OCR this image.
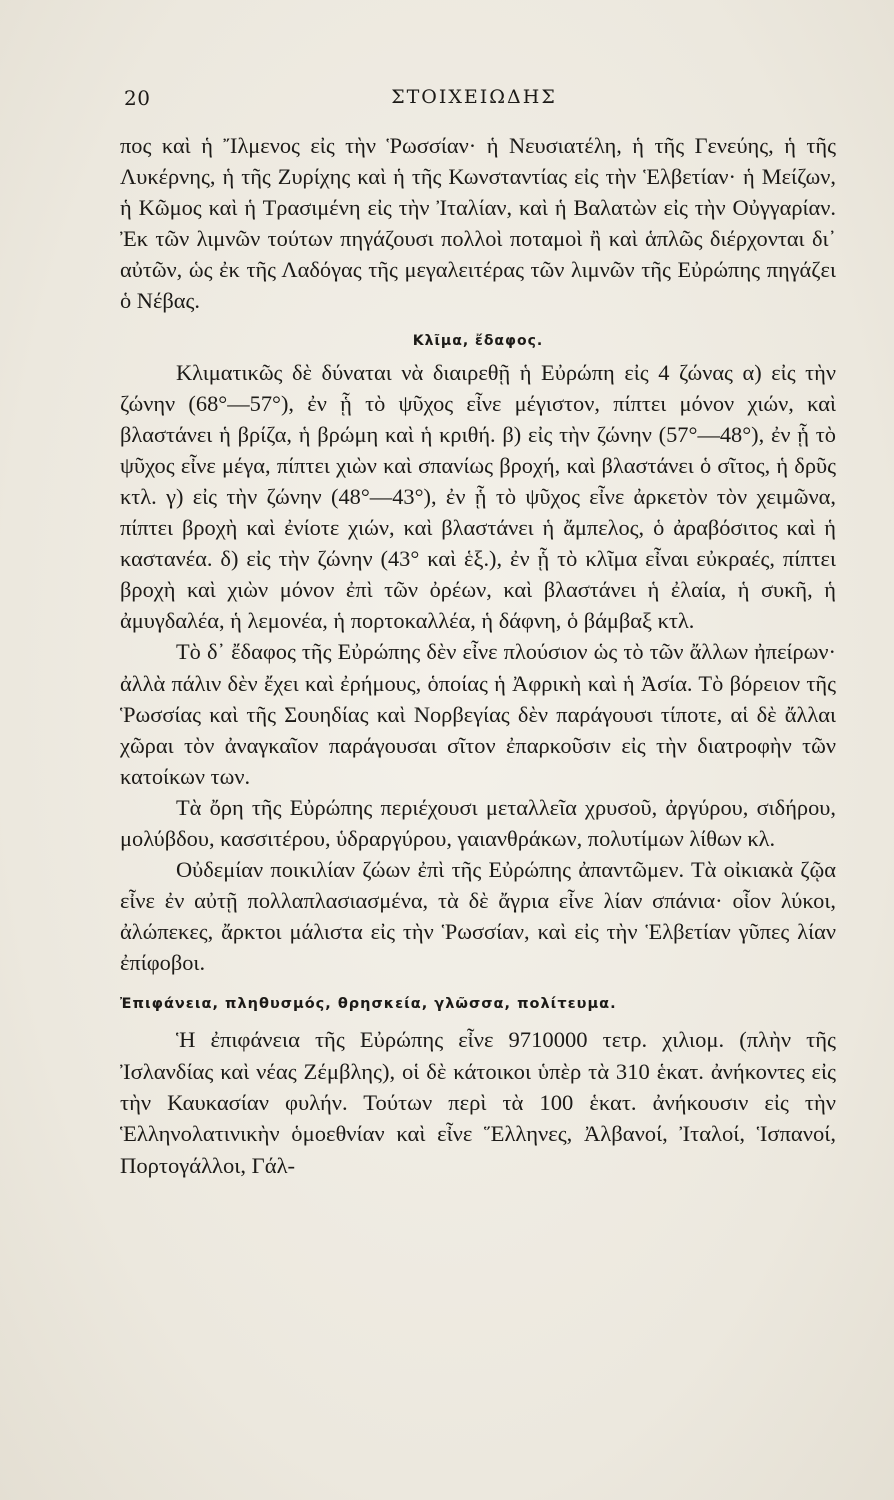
20	ΣΤΟΙΧΕΙΩΔΗΣ

πος καὶ ἡ Ἴλμενος εἰς τὴν Ῥωσσίαν· ἡ Νευσιατέλη, ἡ τῆς Γενεύης, ἡ τῆς Λυκέρνης, ἡ τῆς Ζυρίχης καὶ ἡ τῆς Κωνσταντίας εἰς τὴν Ἑλβετίαν· ἡ Μείζων, ἡ Κῶμος καὶ ἡ Τρασιμένη εἰς τὴν Ἰταλίαν, καὶ ἡ Βαλατὼν εἰς τὴν Οὐγγαρίαν. Ἐκ τῶν λιμνῶν τούτων πηγάζουσι πολλοὶ ποταμοὶ ἢ καὶ ἁπλῶς διέρχονται δι᾽ αὐτῶν, ὡς ἐκ τῆς Λαδόγας τῆς μεγαλειτέρας τῶν λιμνῶν τῆς Εὐρώπης πηγάζει ὁ Νέβας.

Κλῖμα, ἔδαφος.

Κλιματικῶς δὲ δύναται νὰ διαιρεθῇ ἡ Εὐρώπη εἰς 4 ζώνας α) εἰς τὴν ζώνην (68°—57°), ἐν ᾗ τὸ ψῦχος εἶνε μέγιστον, πίπτει μόνον χιών, καὶ βλαστάνει ἡ βρίζα, ἡ βρώμη καὶ ἡ κριθή. β) εἰς τὴν ζώνην (57°—48°), ἐν ᾗ τὸ ψῦχος εἶνε μέγα, πίπτει χιὼν καὶ σπανίως βροχή, καὶ βλαστάνει ὁ σῖτος, ἡ δρῦς κτλ. γ) εἰς τὴν ζώνην (48°—43°), ἐν ᾗ τὸ ψῦχος εἶνε ἀρκετὸν τὸν χειμῶνα, πίπτει βροχὴ καὶ ἐνίοτε χιών, καὶ βλαστάνει ἡ ἄμπελος, ὁ ἀραβόσιτος καὶ ἡ καστανέα. δ) εἰς τὴν ζώνην (43° καὶ ἑξ.), ἐν ᾗ τὸ κλῖμα εἶναι εὐκραές, πίπτει βροχὴ καὶ χιὼν μόνον ἐπὶ τῶν ὀρέων, καὶ βλαστάνει ἡ ἐλαία, ἡ συκῆ, ἡ ἀμυγδαλέα, ἡ λεμονέα, ἡ πορτοκαλλέα, ἡ δάφνη, ὁ βάμβαξ κτλ.

Τὸ δ᾽ ἔδαφος τῆς Εὐρώπης δὲν εἶνε πλούσιον ὡς τὸ τῶν ἄλλων ἠπείρων· ἀλλὰ πάλιν δὲν ἔχει καὶ ἐρήμους, ὁποίας ἡ Ἀφρικὴ καὶ ἡ Ἀσία. Τὸ βόρειον τῆς Ῥωσσίας καὶ τῆς Σουηδίας καὶ Νορβεγίας δὲν παράγουσι τίποτε, αἱ δὲ ἄλλαι χῶραι τὸν ἀναγκαῖον παράγουσαι σῖτον ἐπαρκοῦσιν εἰς τὴν διατροφὴν τῶν κατοίκων των.

Τὰ ὄρη τῆς Εὐρώπης περιέχουσι μεταλλεῖα χρυσοῦ, ἀργύρου, σιδήρου, μολύβδου, κασσιτέρου, ὑδραργύρου, γαιανθράκων, πολυτίμων λίθων κλ.

Οὐδεμίαν ποικιλίαν ζώων ἐπὶ τῆς Εὐρώπης ἀπαντῶμεν. Τὰ οἰκιακὰ ζῷα εἶνε ἐν αὐτῇ πολλαπλασιασμένα, τὰ δὲ ἄγρια εἶνε λίαν σπάνια· οἷον λύκοι, ἀλώπεκες, ἄρκτοι μάλιστα εἰς τὴν Ῥωσσίαν, καὶ εἰς τὴν Ἑλβετίαν γῦπες λίαν ἐπίφοβοι.

Ἐπιφάνεια, πληθυσμός, θρησκεία, γλῶσσα, πολίτευμα.

Ἡ ἐπιφάνεια τῆς Εὐρώπης εἶνε 9710000 τετρ. χιλιομ. (πλὴν τῆς Ἰσλανδίας καὶ νέας Ζέμβλης), οἱ δὲ κάτοικοι ὑπὲρ τὰ 310 ἑκατ. ἀνήκοντες εἰς τὴν Καυκασίαν φυλήν. Τούτων περὶ τὰ 100 ἑκατ. ἀνήκουσιν εἰς τὴν Ἑλληνολατινικὴν ὁμοεθνίαν καὶ εἶνε Ἕλληνες, Ἀλβανοί, Ἰταλοί, Ἱσπανοί, Πορτογάλλοι, Γάλ-
